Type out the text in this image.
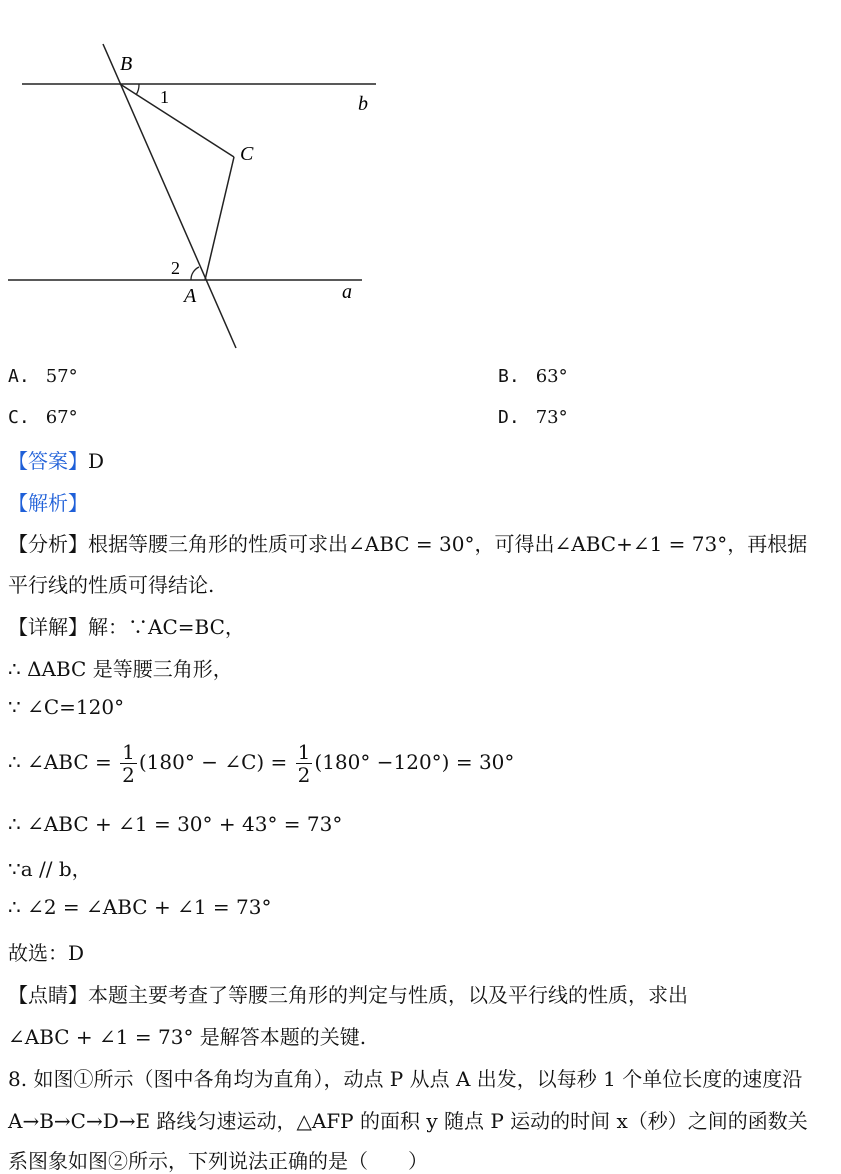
B
C
A
b
a
1
2
A. 57°	B. 63°
C. 67°	D. 73°
【答案】D
【解析】
【分析】根据等腰三角形的性质可求出∠ABC = 30°，可得出∠ABC+∠1 = 73°，再根据
平行线的性质可得结论.
【详解】解：∵AC=BC，
∴ ΔABC 是等腰三角形，
∵ ∠C=120°
∴ ∠ABC = $\frac{1}{2} (180^\circ$ − ∠C) = $\frac{1}{2} (180^\circ -120^\circ) = 30^\circ$
∴ ∠ABC + ∠1 = 30° + 43° = 73°
∵a // b，
∴ ∠2 = ∠ABC + ∠1 = 73°
故选：D
【点睛】本题主要考查了等腰三角形的判定与性质，以及平行线的性质，求出
∠ABC + ∠1 = 73° 是解答本题的关键.
8. 如图①所示（图中各角均为直角），动点 P 从点 A 出发，以每秒 1 个单位长度的速度沿
A→B→C→D→E 路线匀速运动，△AFP 的面积 y 随点 P 运动的时间 x（秒）之间的函数关
系图象如图②所示，下列说法正确的是（　　）
